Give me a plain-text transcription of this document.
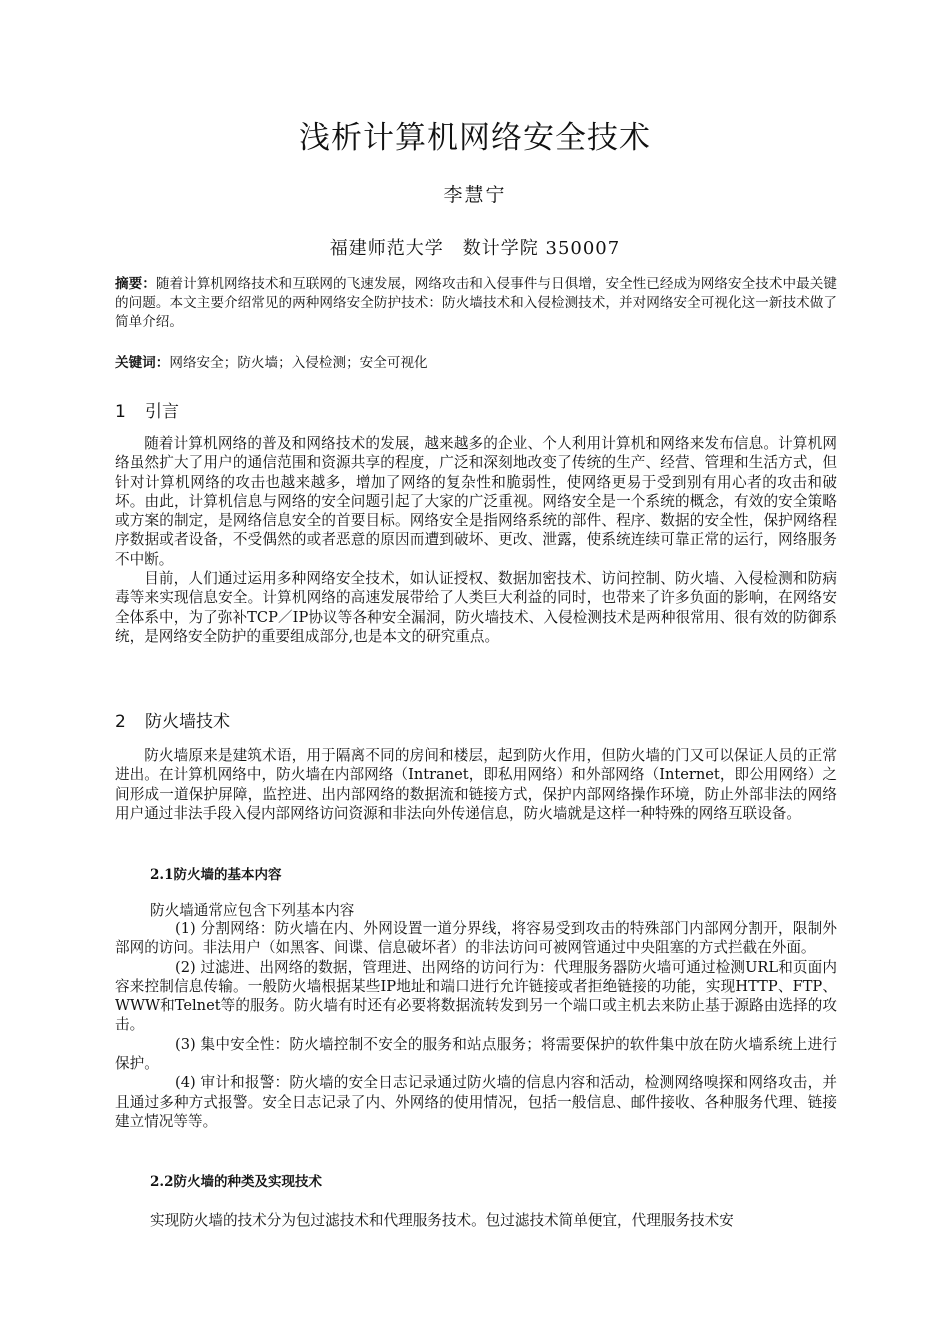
浅析计算机网络安全技术
李慧宁
福建师范大学　数计学院 350007
摘要：随着计算机网络技术和互联网的飞速发展，网络攻击和入侵事件与日俱增，安全性已经成为网络安全技术中最关键的问题。本文主要介绍常见的两种网络安全防护技术：防火墙技术和入侵检测技术，并对网络安全可视化这一新技术做了简单介绍。
关键词：网络安全；防火墙；入侵检测；安全可视化
1 引言

随着计算机网络的普及和网络技术的发展，越来越多的企业、个人利用计算机和网络来发布信息。计算机网络虽然扩大了用户的通信范围和资源共享的程度，广泛和深刻地改变了传统的生产、经营、管理和生活方式，但针对计算机网络的攻击也越来越多，增加了网络的复杂性和脆弱性，使网络更易于受到别有用心者的攻击和破坏。由此，计算机信息与网络的安全问题引起了大家的广泛重视。网络安全是一个系统的概念，有效的安全策略或方案的制定，是网络信息安全的首要目标。网络安全是指网络系统的部件、程序、数据的安全性，保护网络程序数据或者设备，不受偶然的或者恶意的原因而遭到破坏、更改、泄露，使系统连续可靠正常的运行，网络服务不中断。

目前，人们通过运用多种网络安全技术，如认证授权、数据加密技术、访问控制、防火墙、入侵检测和防病毒等来实现信息安全。计算机网络的高速发展带给了人类巨大利益的同时，也带来了许多负面的影响，在网络安全体系中，为了弥补TCP／IP协议等各种安全漏洞，防火墙技术、入侵检测技术是两种很常用、很有效的防御系统，是网络安全防护的重要组成部分,也是本文的研究重点。

2 防火墙技术

防火墙原来是建筑术语，用于隔离不同的房间和楼层，起到防火作用，但防火墙的门又可以保证人员的正常进出。在计算机网络中，防火墙在内部网络（Intranet，即私用网络）和外部网络（Internet，即公用网络）之间形成一道保护屏障，监控进、出内部网络的数据流和链接方式，保护内部网络操作环境，防止外部非法的网络用户通过非法手段入侵内部网络访问资源和非法向外传递信息，防火墙就是这样一种特殊的网络互联设备。

2.1防火墙的基本内容
防火墙通常应包含下列基本内容

(1) 分割网络：防火墙在内、外网设置一道分界线，将容易受到攻击的特殊部门内部网分割开，限制外部网的访问。非法用户（如黑客、间谍、信息破坏者）的非法访问可被网管通过中央阻塞的方式拦截在外面。

(2) 过滤进、出网络的数据，管理进、出网络的访问行为：代理服务器防火墙可通过检测URL和页面内容来控制信息传输。一般防火墙根据某些IP地址和端口进行允许链接或者拒绝链接的功能，实现HTTP、FTP、WWW和Telnet等的服务。防火墙有时还有必要将数据流转发到另一个端口或主机去来防止基于源路由选择的攻击。

(3) 集中安全性：防火墙控制不安全的服务和站点服务；将需要保护的软件集中放在防火墙系统上进行保护。

(4) 审计和报警：防火墙的安全日志记录通过防火墙的信息内容和活动，检测网络嗅探和网络攻击，并且通过多种方式报警。安全日志记录了内、外网络的使用情况，包括一般信息、邮件接收、各种服务代理、链接建立情况等等。

2.2防火墙的种类及实现技术
实现防火墙的技术分为包过滤技术和代理服务技术。包过滤技术简单便宜，代理服务技术安
